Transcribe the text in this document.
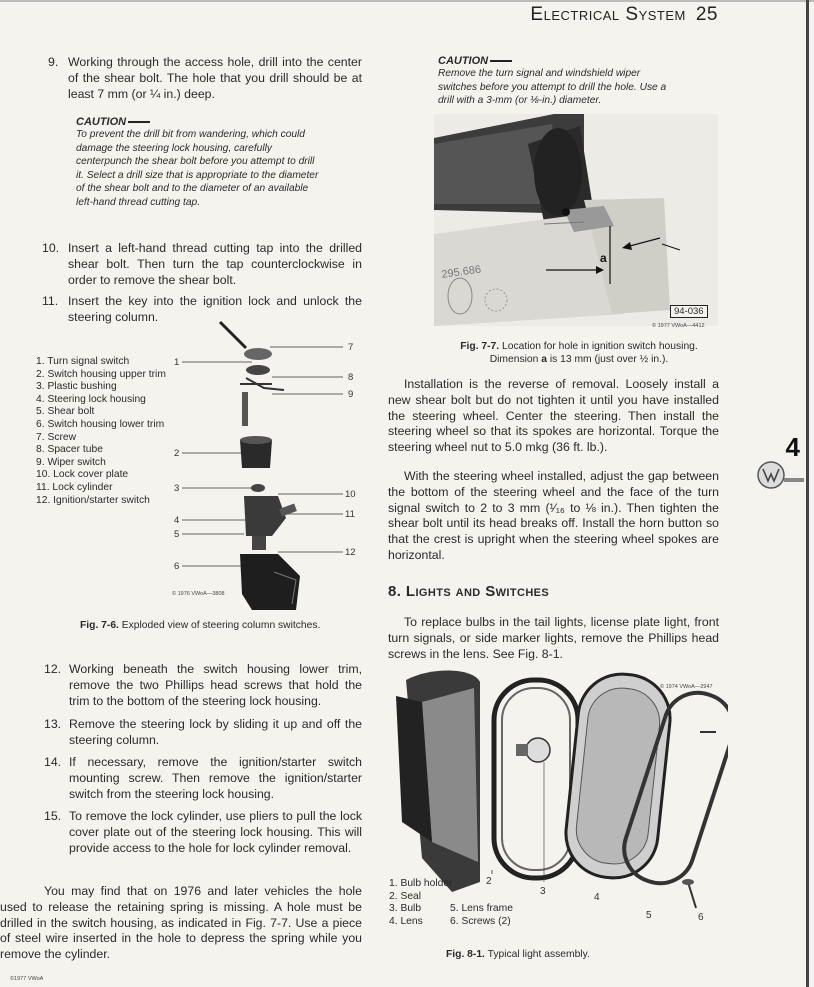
Electrical System 25
9. Working through the access hole, drill into the center of the shear bolt. The hole that you drill should be at least 7 mm (or ¼ in.) deep.
CAUTION
To prevent the drill bit from wandering, which could damage the steering lock housing, carefully centerpunch the shear bolt before you attempt to drill it. Select a drill size that is appropriate to the diameter of the shear bolt and to the diameter of an available left-hand thread cutting tap.
10. Insert a left-hand thread cutting tap into the drilled shear bolt. Then turn the tap counterclockwise in order to remove the shear bolt.
11. Insert the key into the ignition lock and unlock the steering column.
1. Turn signal switch
2. Switch housing upper trim
3. Plastic bushing
4. Steering lock housing
5. Shear bolt
6. Switch housing lower trim
7. Screw
8. Spacer tube
9. Wiper switch
10. Lock cover plate
11. Lock cylinder
12. Ignition/starter switch
7
8
9
1
2
3
10
11
4
5
12
6
© 1976 VWoA—3808
Fig. 7-6. Exploded view of steering column switches.
12. Working beneath the switch housing lower trim, remove the two Phillips head screws that hold the trim to the bottom of the steering lock housing.
13. Remove the steering lock by sliding it up and off the steering column.
14. If necessary, remove the ignition/starter switch mounting screw. Then remove the ignition/starter switch from the steering lock housing.
15. To remove the lock cylinder, use pliers to pull the lock cover plate out of the steering lock housing. This will provide access to the hole for lock cylinder removal.
You may find that on 1976 and later vehicles the hole used to release the retaining spring is missing. A hole must be drilled in the switch housing, as indicated in Fig. 7-7. Use a piece of steel wire inserted in the hole to depress the spring while you remove the cylinder.
©1977 VWoA
CAUTION
Remove the turn signal and windshield wiper switches before you attempt to drill the hole. Use a drill with a 3-mm (or ⅛-in.) diameter.
a
295.686
94-036
© 1977 VWoA—4412
Fig. 7-7. Location for hole in ignition switch housing. Dimension a is 13 mm (just over ½ in.).
Installation is the reverse of removal. Loosely install a new shear bolt but do not tighten it until you have installed the steering wheel. Center the steering. Then install the steering wheel so that its spokes are horizontal. Torque the steering wheel nut to 5.0 mkg (36 ft. lb.).
With the steering wheel installed, adjust the gap between the bottom of the steering wheel and the face of the turn signal switch to 2 to 3 mm (¹⁄₁₆ to ⅛ in.). Then tighten the shear bolt until its head breaks off. Install the horn button so that the crest is upright when the steering wheel spokes are horizontal.
8. Lights and Switches
To replace bulbs in the tail lights, license plate light, front turn signals, or side marker lights, remove the Phillips head screws in the lens. See Fig. 8-1.
2
3
4
5	6
© 1974 VWoA—2947
1. Bulb holder
2. Seal
3. Bulb
4. Lens
5. Lens frame
6. Screws (2)
Fig. 8-1. Typical light assembly.
4
